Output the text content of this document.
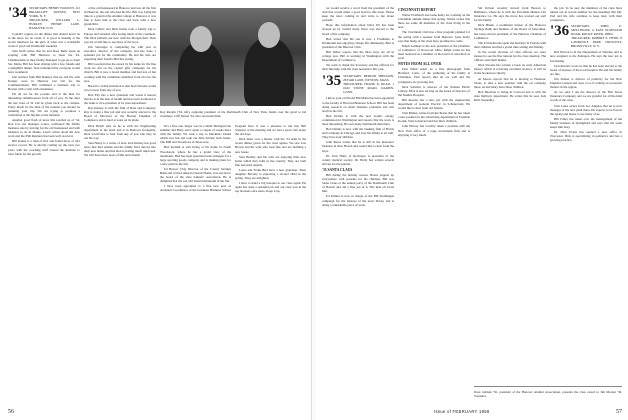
'34 SECRETARY, HENRY WOOLEN, 112 BRIARCLIFF AVENUE, NEW YORK, N. Y.
TREASURER, WILLIAM L. HURLEY, HENRY LANE, HANOVER, N. H.

Couldn't capture on the dinner that should never be in the news for an event. It is good at making at the recent luncheon for the girls of what was a wonderful week of good old Dartmouth weekend.

Stan Neill writes that he and Rose Belle spent an evening with Bill Harrison to meet the Ed. Chamberlains as they finally managed to get up to Sault Ste. Marie. Bill has been visiting with a few friends and a delightful dinner. Stan remarked that everyone would have wondered.

Just learned from Bill Rainsey that he and his wife Rodger were in Hanover last fall for the Commencement. Bill combined a business trip to Boston with a visit with classmates.

I'm all set for the posture and at the men for interesting reminiscences from all of you. In the days the last class of 34 will be given back to the campus. Pretty much by the time of the reunion you should be planning your trip. We are trying to promote a celebration at the Skyline at the moment.

Another good flash of news this reached us of '34. Ron Cas, his manager, Laura, celebrated the family business sale by leaving for the old homestead and with business to do in Maine. Lewis writes about his new work and the 25th Reunion has been well received.

Bill Kanne is a man of first and found more of 34's service record. He is shortly coming up the next two years with the coaching staff around the Institute to raise funds for the growth.

of the old homestead in Hanover and was all the first in Hanover, the son who had his life. Bill was trying his time in a grand at the Alumni college at Hanover, it was fine to have him at the class and back with a new grandchild.

Dick Gilbert and Dick Kaine took a family trip to Europe and returned after seeing much of the continent. The Dick Gilberts are now with the Morgan firm. Dick says he would like to see more of the boys.

Jim Stavenger is completing his 14th year as executive director of the company and has done a splendid job for the community. He and his wife are expecting their fourth child this spring.

Bill Goodwin has the award by his name for the fine work he did on the capital gifts campaign for his church. Bill is now a board member and had lots of fun working with the committee members from all over the area.

Barrett's cordial invitation is that Stan Stevens would love to hear from any of you.

Bob Elly has a new grandson and wants it known that he is in the best of health and has been promoted at the bank to vice-president of its trust department.

Ray Kinney is with the firm of Bass and Company. Ray is doing a fine job and was recently elected to the Board of Directors of the Boston Chamber of Commerce and is hard at work on its plans.

Dick Heath tells us he is with the Engineering department of the plant and is in Hanover frequently. Dick would like to hear from any of you who may be out his way.

Stan Henry is a writer of note. Ken Kinney has good news that Red Adams and his family have moved into their new home and that Red is feeling much improved. We will have more news of this next month.

Roy Rackin ('34, left), outgoing president of the Dartmouth Club of New York, hands over the gavel to his classmate, Cliff Sutton '34, who succeeded him.

he's a fine one. Roger was in a small Michigan last summer and Betty and I spent a couple of weeks there with the family. We took a trip to Mackinac Island which was fun and took our time driving back home. The Mill and Stream are in Texas now.

Bud Kellam is still living at his home in North Woodstock, where he has a grand view of the mountains. Bud has been appointed sales manager for a large sporting goods company and is making plans for a new plant in the fall.

Ed Beaver ('34), Director of the County Savings Bank and of the Lutheran Church Home, was elected to the board of the state bankers' association. He is delighted that his son will attend Dartmouth in the fall.

I have been appointed to a fine new post as Assistant Coordinator of the Graduate Business School Program here. It was a pleasure to run into Bill Scheerer at the meeting and we had a good visit about the old days.

Dick Shaw was a master with the '34 team in the recent dinner given for the class agents. We saw Lou Brown and his wife who look fine and are building a new house.

Stan Hendry and his wife are enjoying their new home which they built in the country. They are both fine and send regards.

Laura and Frank Bird have a new grandson. Their daughter Beverly is expecting a second child in the spring. They are delighted.

I have to hand a big bouquet to our class agent. He again has done a splendid job and our class was in the top brackets once more. Keep it up.

56

we would receive a word from the president of the club that would make a good lead for this issue. Please keep the news coming in and write to me about yourself.

Hope this information about Dave Ell has been cleared up by careful study. Dave was elected to the board of his company.

Bud writes that his son is now a Freshman at Dartmouth and enjoying college life immensely. Bud is president of the Hanover Club.

Bill Weber reports that his three boys are all in college now. Bill is working in Washington with the Department of Commerce.

We want to thank the Secretary and the officers for their fine help with the class newsletter this year.

'35 SECRETARY, BERTON SHELDON, 28 FAIR LANE, WESTON, MASS.
TREASURER, FRANK K. READ, 1 OLD STONE ROAD, DARIEN, CONN.

I know your old friend Bill Mann has been appointed to the faculty at Harvard Business School. Bill has been doing research on small business problems and will teach in the fall.

Bud Kidder is with the new atomic energy commission in Washington and reports that the work is most interesting. He sees many Dartmouth men there.

Bob Dennis is now with the banking firm of Harris and Company in Chicago and says his family is all well. They have four children.

John Reese writes that he is still in the insurance business in New Haven and would like to hear from the boys.

Dr. Tom Holly of Rochester is president of the county medical society. Dr. Holly has written several articles for the journal.

'35 SANTA CLAUS

Bill during the holiday season. Boxes popped up everywhere with presents for the children. Bill was Santa Claus at the annual party of the Dartmouth Club of Boston and did a fine job of it. The kids all loved him.

Ed Palmer is now in charge of the Bill Sternhagen campaign for the trustees of the town library and is doing a remarkable piece of work.

CINCINNATI REPORT

Walter Eberhardt and Gene Kelly are working on the Cincinnati alumni dinner this spring. Walter writes that there are some 40 members of the class living in the area.

The Cincinnati Club has a fine program planned for the spring with a speaker from Hanover. Gene Kelly says that many of the class have promised to come.

Ralph Leinhart is the new president of the Chamber of Commerce of Norwood, Ohio. Ralph writes he has been reelected as a member of the board of education as well.

NOTES FROM ALL OVER

Paul Webb sends us a fine photograph from Hartford, Conn., of the gathering of his family at Christmas. Paul reports that all are well and the youngsters are growing fast.

Dick Schriber is director of the Nashua Public Library. Dick is also serving on the board of directors of the Nashua Hospital.

Bill Roesler has a new job with the engineering department of General Electric in Schenectady. He would like to hear from old friends.

Tom Bishop writes from Rochester that he has taken a new position in the advertising department of Eastman Kodak. Tom is married and has three children.

John Hervey has recently taken a position with the New York office of a large investment firm and is enjoying it very much.

Sid Kriven recently moved from Boston to Baltimore, where he is with the Provident Mutual Life Insurance Co. He says the move has worked out well for the family.

Dick Blank, a prominent trustee of the Hanover Savings Bank and member of the Board of Selectmen, has been elected president of the Hanover Chamber of Commerce.

The Ed Dearborns spent the holidays in Florida with their children and had a grand time sailing and fishing.

In the recent election of class officers we were pleased to see the fine turnout for the class meeting. The officers send their thanks.

Dick Stevens has written a book on early American history which is receiving excellent reviews. It will be in the bookstores shortly.

Al Moore reports that he is moving to Houston, Texas, to take a new position with the oil company there. Al and Mary have three children.

Bob Hazelton is living in Concord and is with the state highway department. He writes that he sees Jack Rich frequently.

the job. To be sure the members of the class have turned out in record number for the meetings this fall. Earl and his wife continue to keep busy with their youngsters.

'36 SECRETARY, JOHN E. MELLINGER, 6 EAST ELMWOOD ROAD, ROCKY RIVER, OHIO
TREASURER, ROBERT S. HYDE, 8 LAWRENCE PARK CRESCENT, BRONXVILLE, N. Y.

Red Horton is in the Department of Defense and is now assigned to the Pentagon. He says the new job is fascinating.

Jack Roberts wrote us that he has been elected to the board of trustees of the local hospital. He and his family are fine.

Jim Steiner is director of publicity for the New England Council and does a lot of writing on economic matters in the region.

As we said, I am the director of the Elm Street Insurance Company, and we are grateful for all the kind words of the class.

Tom Jones writes from Los Angeles that he is now manager of the new plant there. He expects to be East in the spring and hopes to see many of us.

Bill Fuller has taken over the management of the family business in Springfield and says that the work keeps him busy.

Dr. Dick Evans has opened a new office in Worcester. Dick is specializing in pediatrics and has a growing practice.

Dave Gilman '36, president of the Hanover Alumni Association, presents the class award to Jim Morton '36, Treasurer.
Issue of FEBRUARY 1958	57
